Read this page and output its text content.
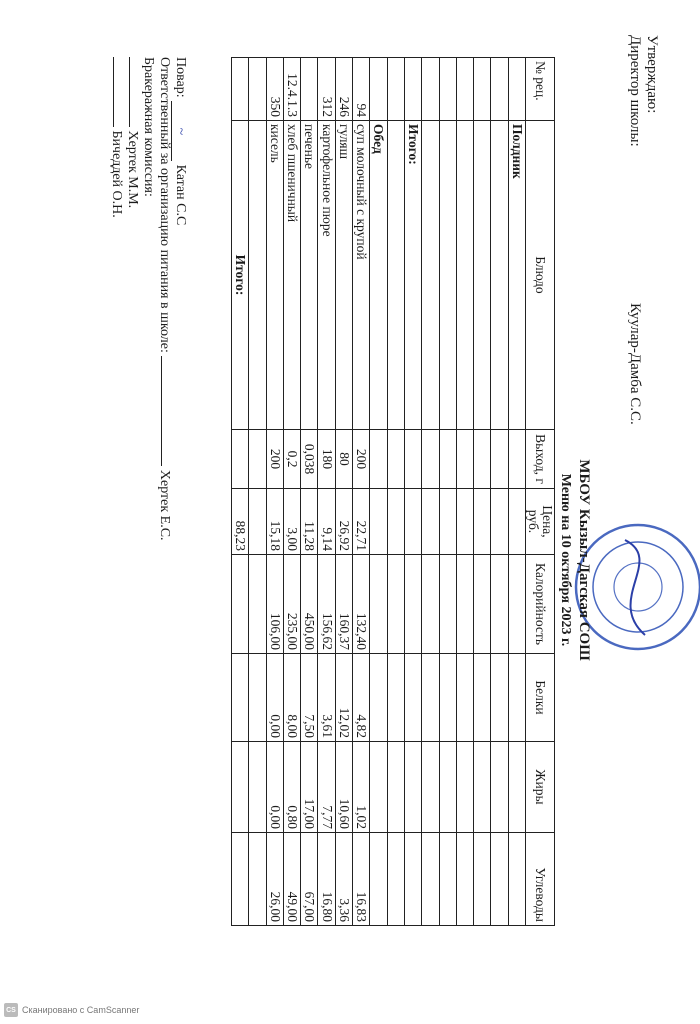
Утверждаю:
Директор школы:
Куулар-Дамба С.С.
МБОУ Кызыл-Дагская СОШ
Меню на 10 октября 2023 г.
№ рец.	Блюдо	Выход, г	Цена, руб.	Калорийность	Белки	Жиры	Углеводы
	Полдник						

	Итого:						

	Обед						
94	суп молочный с крупой	200	22,71	132,40	4,82	1,02	16,83
246	гуляш	80	26,92	160,37	12,02	10,60	3,36
312	картофельное пюре	180	9,14	156,62	3,61	7,77	16,80
	печенье	0,038	11,28	450,00	7,50	17,00	67,00
12.4.1.3	хлеб пшеничный	0,2	3,00	235,00	8,00	0,80	49,00
350	кисель	200	15,18	106,00	0,00	0,00	26,00

	Итого:		88,23				
Повар: ~ Катан С.С
Ответственный за организацию питания в школе:  Хертек Е.С.
Бракеражная комиссия:
Хертек М.М.
Бичеддей О.Н.
CS Сканировано с CamScanner
